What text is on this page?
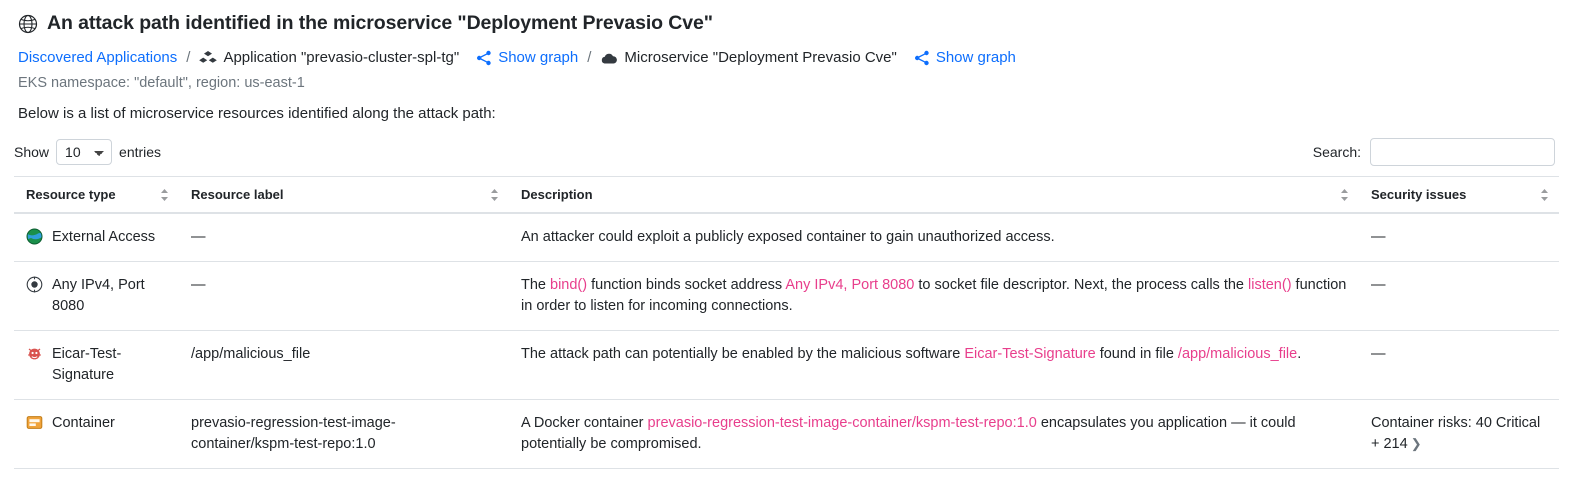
An attack path identified in the microservice "Deployment Prevasio Cve"
Discovered Applications / Application "prevasio-cluster-spl-tg"	Show graph / Microservice "Deployment Prevasio Cve"	Show graph
EKS namespace: "default", region: us-east-1
Below is a list of microservice resources identified along the attack path:
Show
10	entries	Search:
Resource type	Resource label	Description	Security issues

External Access	—	An attacker could exploit a publicly exposed container to gain unauthorized access.	—

Any IPv4, Port 8080	—	The bind() function binds socket address Any IPv4, Port 8080 to socket file descriptor. Next, the process calls the listen() function in order to listen for incoming connections.	—

Eicar-Test-Signature	/app/malicious_file	The attack path can potentially be enabled by the malicious software Eicar-Test-Signature found in file /app/malicious_file.	—

Container	prevasio-regression-test-image-container/kspm-test-repo:1.0	A Docker container prevasio-regression-test-image-container/kspm-test-repo:1.0 encapsulates you application — it could potentially be compromised.	Container risks: 40 Critical + 214 ❯
